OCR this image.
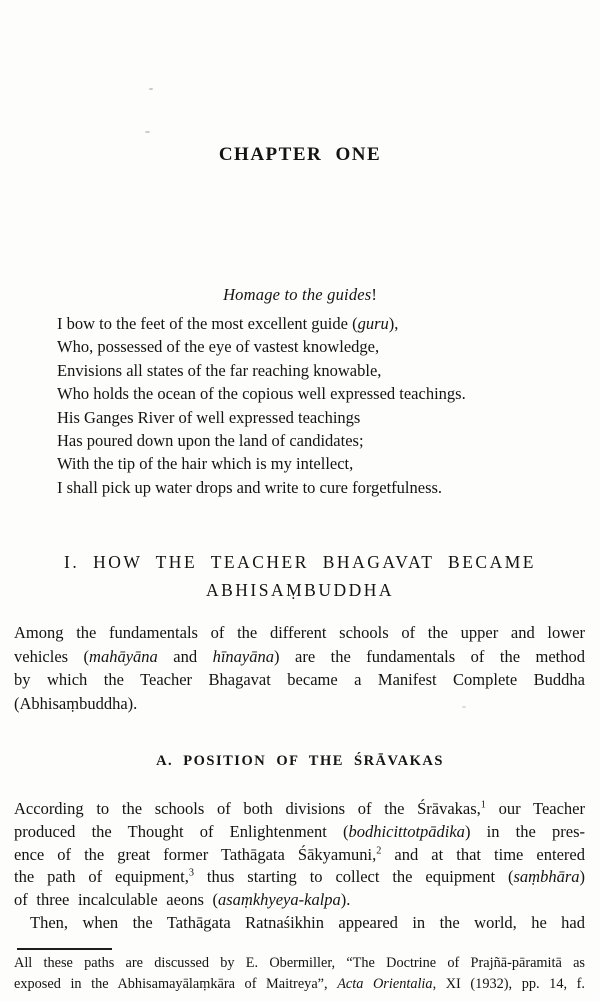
CHAPTER ONE
Homage to the guides!
I bow to the feet of the most excellent guide (guru),
Who, possessed of the eye of vastest knowledge,
Envisions all states of the far reaching knowable,
Who holds the ocean of the copious well expressed teachings.
His Ganges River of well expressed teachings
Has poured down upon the land of candidates;
With the tip of the hair which is my intellect,
I shall pick up water drops and write to cure forgetfulness.
I. HOW THE TEACHER BHAGAVAT BECAME
ABHISAṂBUDDHA
Among the fundamentals of the different schools of the upper and lower
vehicles (mahāyāna and hīnayāna) are the fundamentals of the method
by which the Teacher Bhagavat became a Manifest Complete Buddha
(Abhisaṃbuddha).
A. POSITION OF THE ŚRĀVAKAS
According to the schools of both divisions of the Śrāvakas,$^1$ our Teacher
produced the Thought of Enlightenment (bodhicittotpādika) in the pres-
ence of the great former Tathāgata Śākyamuni,$^2$ and at that time entered
the path of equipment,$^3$ thus starting to collect the equipment (saṃbhāra)
of three incalculable aeons (asaṃkhyeya-kalpa).
Then, when the Tathāgata Ratnaśikhin appeared in the world, he had
All these paths are discussed by E. Obermiller, “The Doctrine of Prajñā-pāramitā as
exposed in the Abhisamayālaṃkāra of Maitreya”, Acta Orientalia, XI (1932), pp. 14, f.
